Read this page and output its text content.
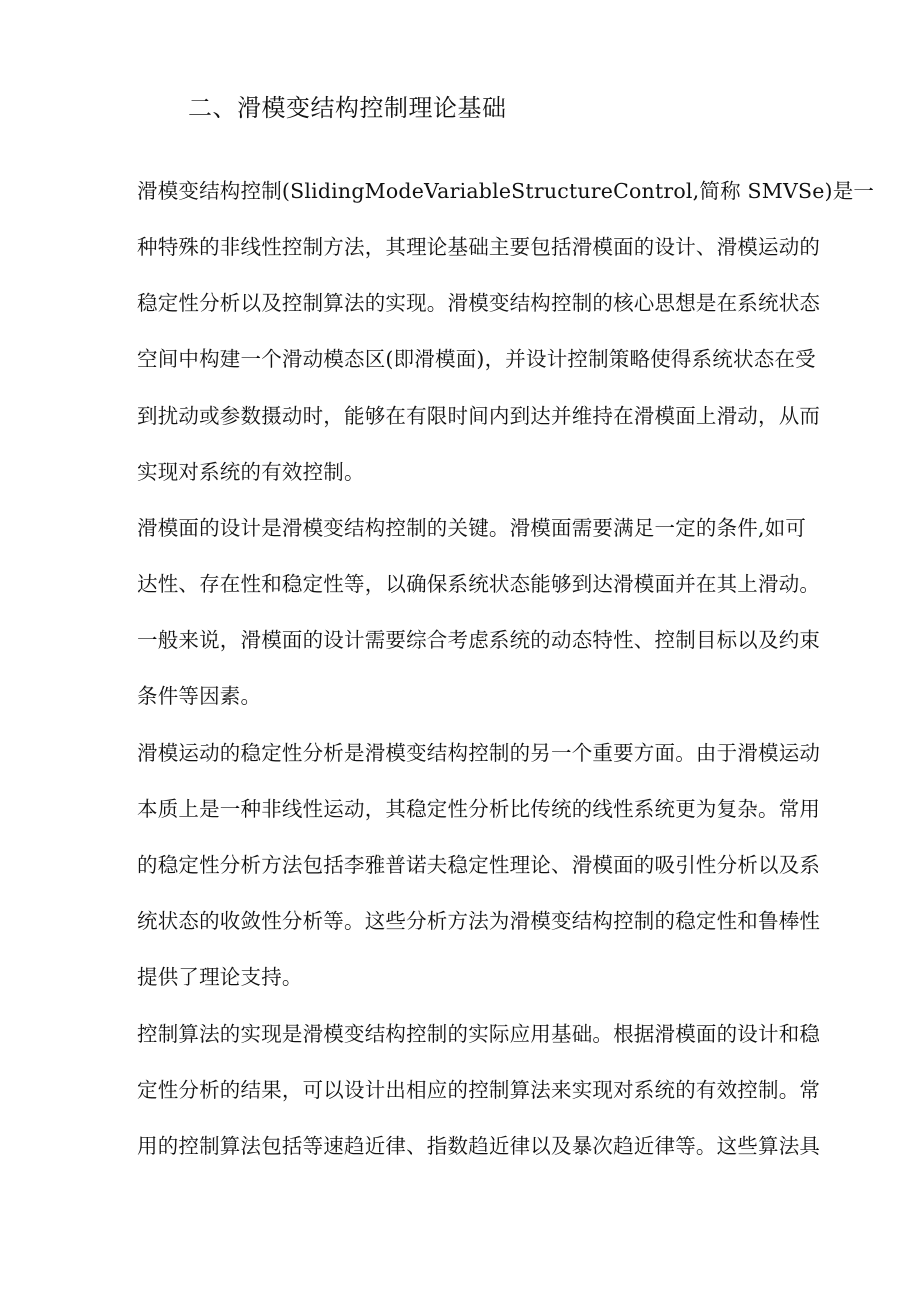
二、滑模变结构控制理论基础
滑模变结构控制(SlidingModeVariableStructureControl,简称 SMVSe)是一
种特殊的非线性控制方法，其理论基础主要包括滑模面的设计、滑模运动的
稳定性分析以及控制算法的实现。滑模变结构控制的核心思想是在系统状态
空间中构建一个滑动模态区(即滑模面)，并设计控制策略使得系统状态在受
到扰动或参数摄动时，能够在有限时间内到达并维持在滑模面上滑动，从而
实现对系统的有效控制。
滑模面的设计是滑模变结构控制的关键。滑模面需要满足一定的条件,如可
达性、存在性和稳定性等，以确保系统状态能够到达滑模面并在其上滑动。
一般来说，滑模面的设计需要综合考虑系统的动态特性、控制目标以及约束
条件等因素。
滑模运动的稳定性分析是滑模变结构控制的另一个重要方面。由于滑模运动
本质上是一种非线性运动，其稳定性分析比传统的线性系统更为复杂。常用
的稳定性分析方法包括李雅普诺夫稳定性理论、滑模面的吸引性分析以及系
统状态的收敛性分析等。这些分析方法为滑模变结构控制的稳定性和鲁棒性
提供了理论支持。
控制算法的实现是滑模变结构控制的实际应用基础。根据滑模面的设计和稳
定性分析的结果，可以设计出相应的控制算法来实现对系统的有效控制。常
用的控制算法包括等速趋近律、指数趋近律以及暴次趋近律等。这些算法具
